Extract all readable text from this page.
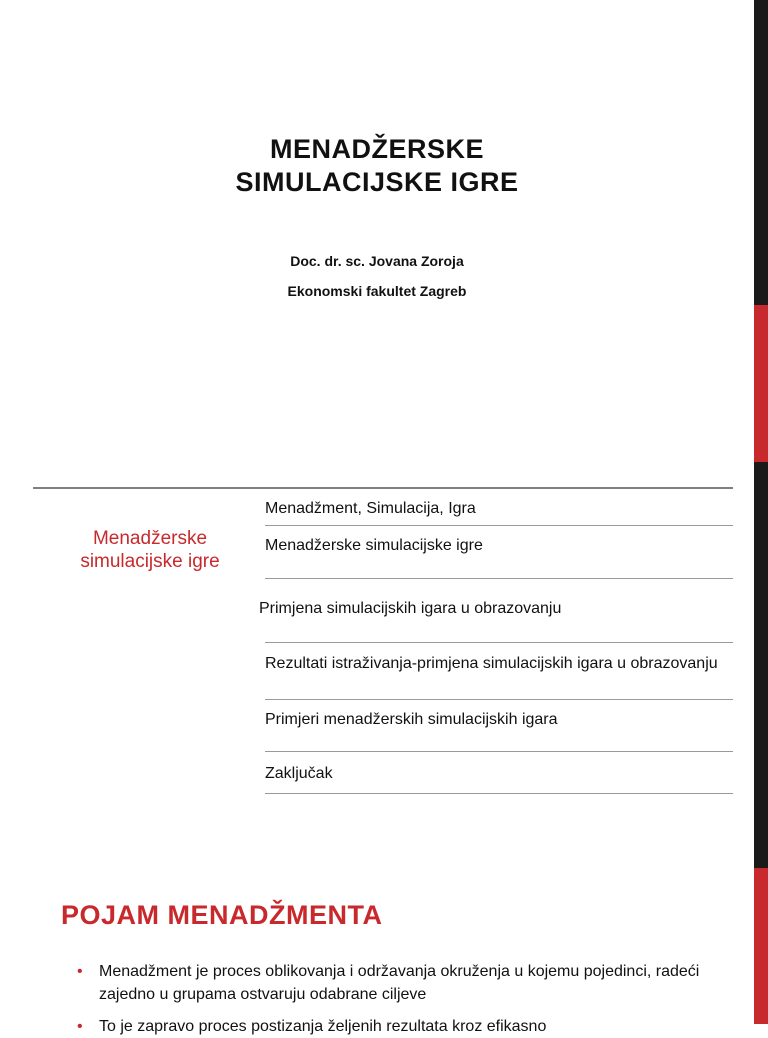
MENADŽERSKE
SIMULACIJSKE IGRE
Doc. dr. sc. Jovana Zoroja
Ekonomski fakultet Zagreb
Menadžerske simulacijske igre
Menadžment, Simulacija, Igra
Menadžerske simulacijske igre
Primjena simulacijskih igara u obrazovanju
Rezultati istraživanja-primjena simulacijskih igara u obrazovanju
Primjeri menadžerskih simulacijskih igara
Zaključak
POJAM MENADŽMENTA
• Menadžment je proces oblikovanja i održavanja okruženja u kojemu pojedinci, radeći zajedno u grupama ostvaruju odabrane ciljeve
• To je zapravo proces postizanja željenih rezultata kroz efikasno
